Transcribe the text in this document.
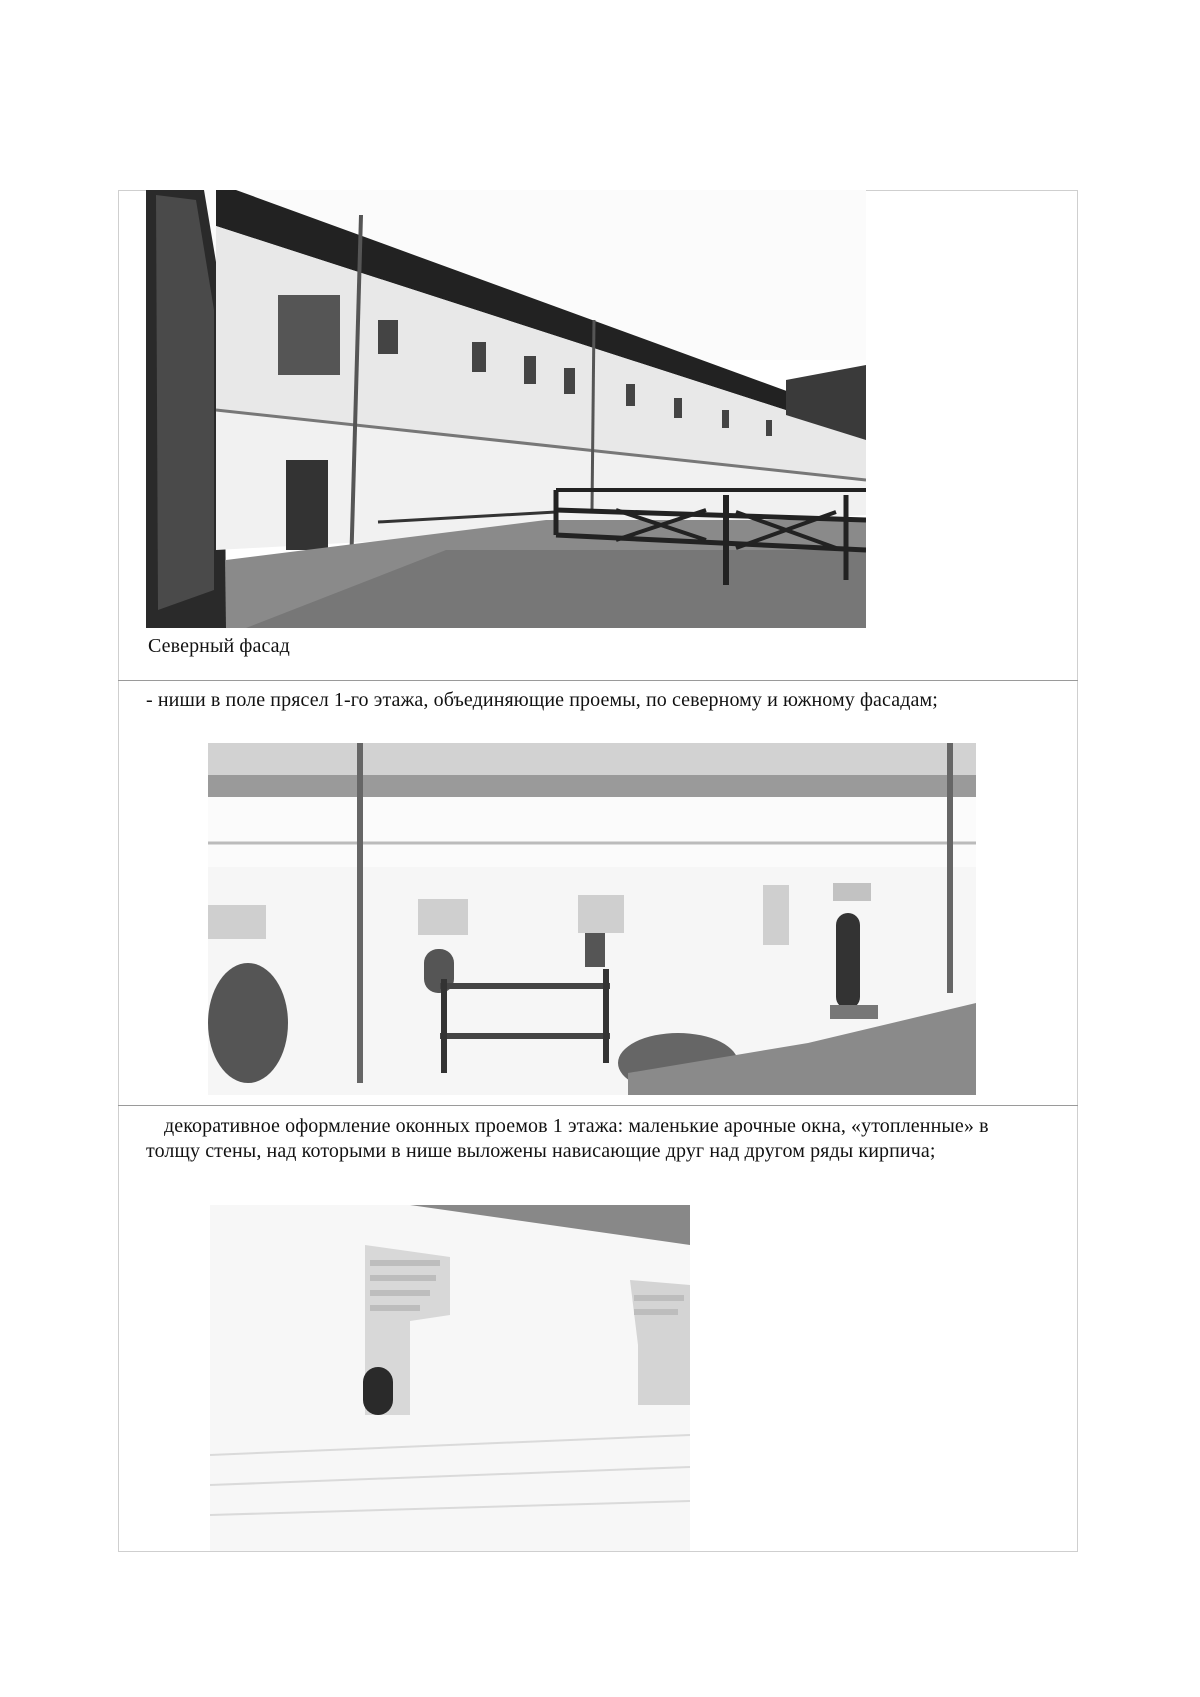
Северный фасад
- ниши в поле прясел 1-го этажа, объединяющие проемы, по северному и южному фасадам;
декоративное оформление оконных проемов 1 этажа: маленькие арочные окна, «утопленные» в толщу стены, над которыми в нише выложены нависающие друг над другом ряды кирпича;
